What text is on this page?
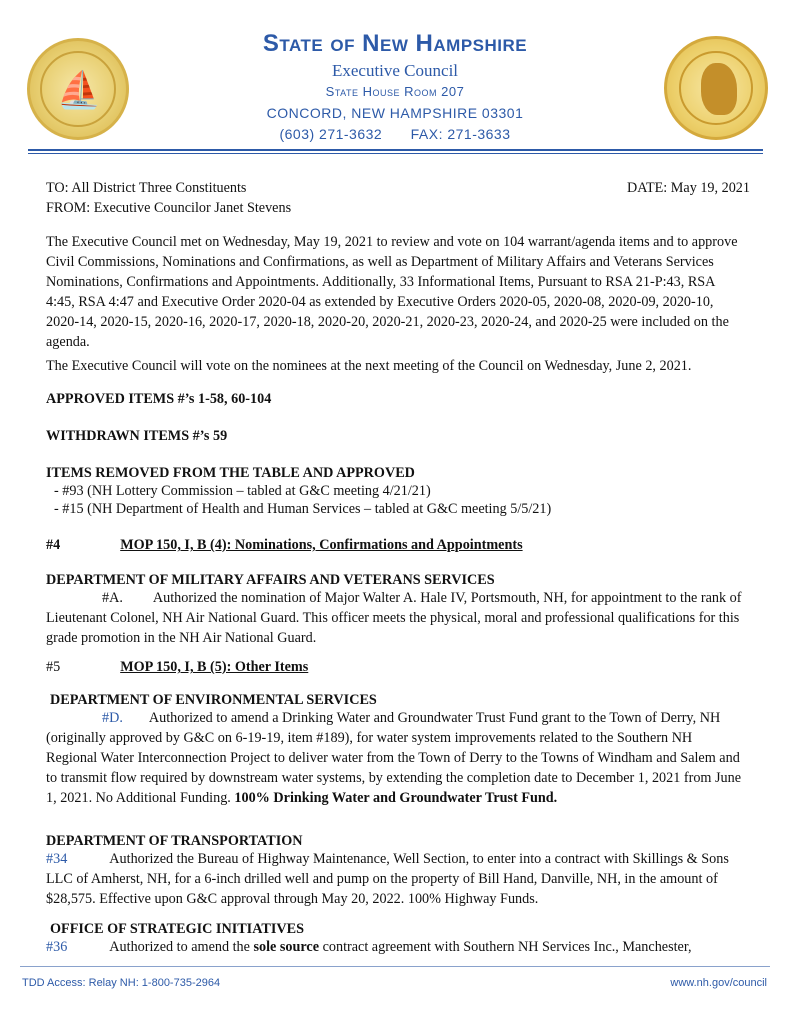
⛵
State of New Hampshire
Executive Council
State House Room 207
CONCORD, NEW HAMPSHIRE 03301
(603) 271-3632 FAX: 271-3633
TO: All District Three Constituents	DATE: May 19, 2021
FROM: Executive Councilor Janet Stevens
The Executive Council met on Wednesday, May 19, 2021 to review and vote on 104 warrant/agenda items and to approve Civil Commissions, Nominations and Confirmations, as well as Department of Military Affairs and Veterans Services Nominations, Confirmations and Appointments. Additionally, 33 Informational Items, Pursuant to RSA 21-P:43, RSA 4:45, RSA 4:47 and Executive Order 2020-04 as extended by Executive Orders 2020-05, 2020-08, 2020-09, 2020-10, 2020-14, 2020-15, 2020-16, 2020-17, 2020-18, 2020-20, 2020-21, 2020-23, 2020-24, and 2020-25 were included on the agenda.
The Executive Council will vote on the nominees at the next meeting of the Council on Wednesday, June 2, 2021.
APPROVED ITEMS #’s 1-58, 60-104
WITHDRAWN ITEMS #’s 59
ITEMS REMOVED FROM THE TABLE AND APPROVED
- #93 (NH Lottery Commission – tabled at G&C meeting 4/21/21)
- #15 (NH Department of Health and Human Services – tabled at G&C meeting 5/5/21)
#4	MOP 150, I, B (4): Nominations, Confirmations and Appointments
DEPARTMENT OF MILITARY AFFAIRS AND VETERANS SERVICES
#A. Authorized the nomination of Major Walter A. Hale IV, Portsmouth, NH, for appointment to the rank of Lieutenant Colonel, NH Air National Guard. This officer meets the physical, moral and professional qualifications for this grade promotion in the NH Air National Guard.
#5	MOP 150, I, B (5): Other Items
DEPARTMENT OF ENVIRONMENTAL SERVICES
#D. Authorized to amend a Drinking Water and Groundwater Trust Fund grant to the Town of Derry, NH (originally approved by G&C on 6-19-19, item #189), for water system improvements related to the Southern NH Regional Water Interconnection Project to deliver water from the Town of Derry to the Towns of Windham and Salem and to transmit flow required by downstream water systems, by extending the completion date to December 1, 2021 from June 1, 2021. No Additional Funding. 100% Drinking Water and Groundwater Trust Fund.
DEPARTMENT OF TRANSPORTATION
#34	Authorized the Bureau of Highway Maintenance, Well Section, to enter into a contract with Skillings & Sons LLC of Amherst, NH, for a 6-inch drilled well and pump on the property of Bill Hand, Danville, NH, in the amount of $28,575. Effective upon G&C approval through May 20, 2022. 100% Highway Funds.
OFFICE OF STRATEGIC INITIATIVES
#36	Authorized to amend the sole source contract agreement with Southern NH Services Inc., Manchester,
TDD Access: Relay NH: 1-800-735-2964	www.nh.gov/council
